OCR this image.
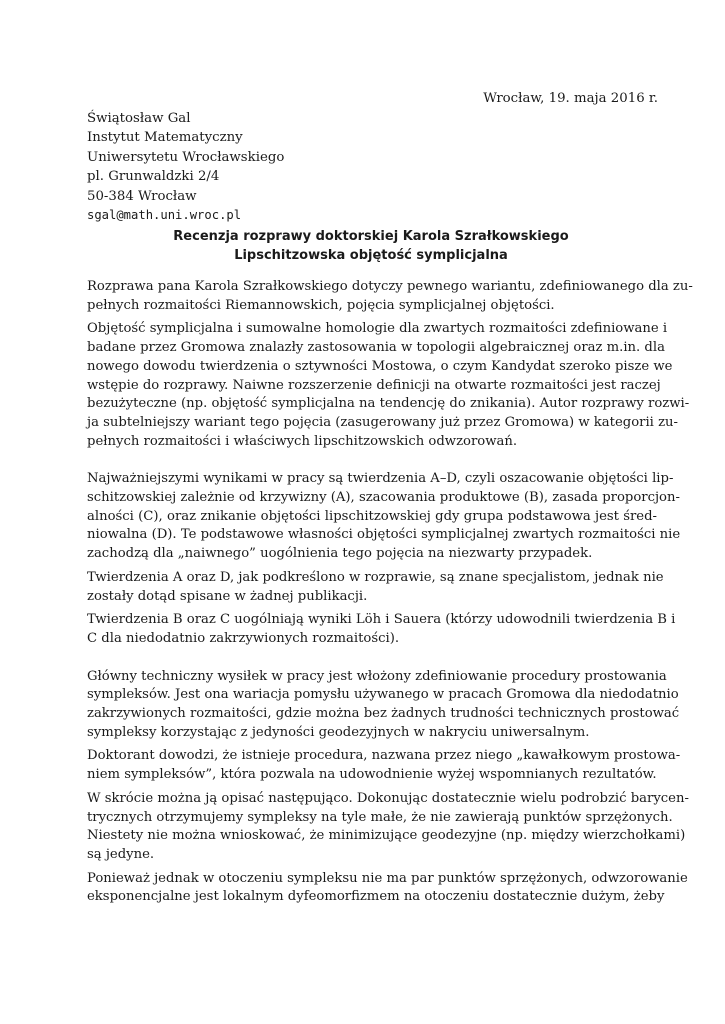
Wrocław, 19. maja 2016 r.
Świątosław Gal
Instytut Matematyczny
Uniwersytetu Wrocławskiego
pl. Grunwaldzki 2/4
50-384 Wrocław
sgal@math.uni.wroc.pl
Recenzja rozprawy doktorskiej Karola Szrałkowskiego
Lipschitzowska objętość symplicjalna

Rozprawa pana Karola Szrałkowskiego dotyczy pewnego wariantu, zdefiniowanego dla zu-
pełnych rozmaitości Riemannowskich, pojęcia symplicjalnej objętości.

Objętość symplicjalna i sumowalne homologie dla zwartych rozmaitości zdefiniowane i
badane przez Gromowa znalazły zastosowania w topologii algebraicznej oraz m.in. dla
nowego dowodu twierdzenia o sztywności Mostowa, o czym Kandydat szeroko pisze we
wstępie do rozprawy. Naiwne rozszerzenie definicji na otwarte rozmaitości jest raczej
bezużyteczne (np. objętość symplicjalna na tendencję do znikania). Autor rozprawy rozwi-
ja subtelniejszy wariant tego pojęcia (zasugerowany już przez Gromowa) w kategorii zu-
pełnych rozmaitości i właściwych lipschitzowskich odwzorowań.

Najważniejszymi wynikami w pracy są twierdzenia A–D, czyli oszacowanie objętości lip-
schitzowskiej zależnie od krzywizny (A), szacowania produktowe (B), zasada proporcjon-
alności (C), oraz znikanie objętości lipschitzowskiej gdy grupa podstawowa jest śred-
niowalna (D). Te podstawowe własności objętości symplicjalnej zwartych rozmaitości nie
zachodzą dla „naiwnego” uogólnienia tego pojęcia na niezwarty przypadek.

Twierdzenia A oraz D, jak podkreślono w rozprawie, są znane specjalistom, jednak nie
zostały dotąd spisane w żadnej publikacji.

Twierdzenia B oraz C uogólniają wyniki Löh i Sauera (którzy udowodnili twierdzenia B i
C dla niedodatnio zakrzywionych rozmaitości).

Główny techniczny wysiłek w pracy jest włożony zdefiniowanie procedury prostowania
sympleksów. Jest ona wariacja pomysłu używanego w pracach Gromowa dla niedodatnio
zakrzywionych rozmaitości, gdzie można bez żadnych trudności technicznych prostować
sympleksy korzystając z jedyności geodezyjnych w nakryciu uniwersalnym.

Doktorant dowodzi, że istnieje procedura, nazwana przez niego „kawałkowym prostowa-
niem sympleksów”, która pozwala na udowodnienie wyżej wspomnianych rezultatów.

W skrócie można ją opisać następująco. Dokonując dostatecznie wielu podrobzić barycen-
trycznych otrzymujemy sympleksy na tyle małe, że nie zawierają punktów sprzężonych.
Niestety nie można wnioskować, że minimizujące geodezyjne (np. między wierzchołkami)
są jedyne.

Ponieważ jednak w otoczeniu sympleksu nie ma par punktów sprzężonych, odwzorowanie
eksponencjalne jest lokalnym dyfeomorfizmem na otoczeniu dostatecznie dużym, żeby
